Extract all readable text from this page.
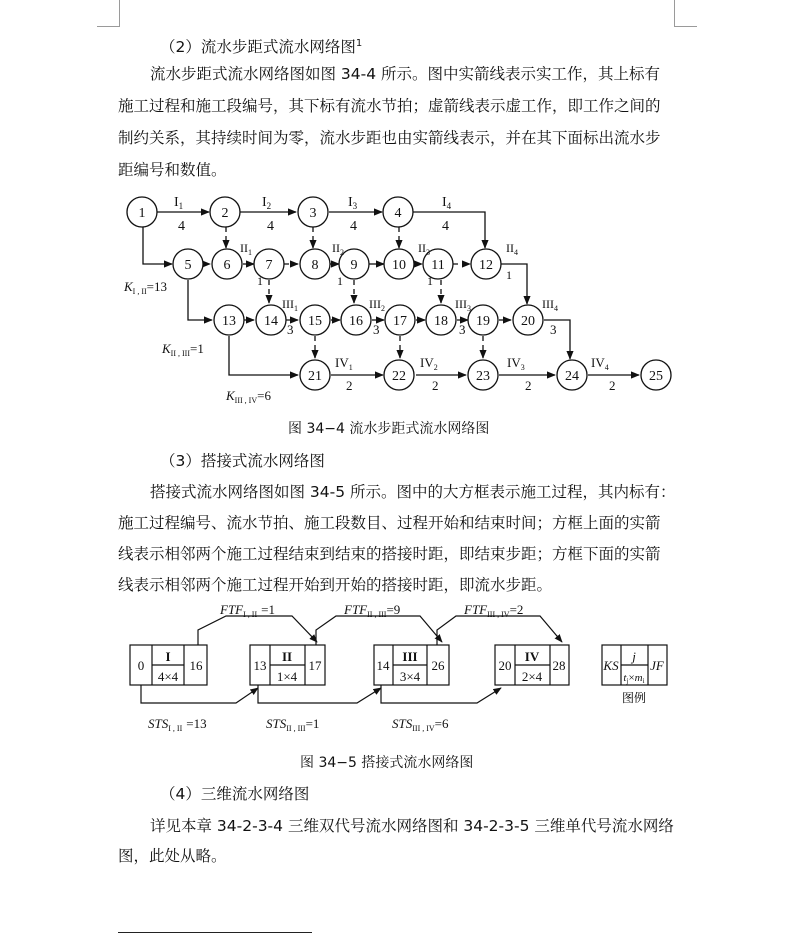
（2）流水步距式流水网络图$^1$
流水步距式流水网络图如图 34-4 所示。图中实箭线表示实工作，其上标有
施工过程和施工段编号，其下标有流水节拍；虚箭线表示虚工作，即工作之间的
制约关系，其持续时间为零，流水步距也由实箭线表示，并在其下面标出流水步
距编号和数值。
1	2	3	4
5 6	7	8 9 10 11 12
13 14 15 16 17 18 19 20
21	22	23	24	25
$I_1$
4
$I_2$
4
$I_3$
4
$I_4$
4
$II_1$
1
$II_2$
1
$II_3$
1
$II_4$
1
$III_1$
3
$III_2$
3
$III_3$
3
$III_4$
3
$IV_1$
2
$IV_2$
2
$IV_3$
2
$IV_4$
2
$K_{I , II}=13$
$K_{II , III}=1$
$K_{III , IV}=6$
图 34−4 流水步距式流水网络图
（3）搭接式流水网络图
搭接式流水网络图如图 34-5 所示。图中的大方框表示施工过程，其内标有：
施工过程编号、流水节拍、施工段数目、过程开始和结束时间；方框上面的实箭
线表示相邻两个施工过程结束到结束的搭接时距，即结束步距；方框下面的实箭
线表示相邻两个施工过程开始到开始的搭接时距，即流水步距。
0
I
4×4
16	13
II
1×4
17	14
III
3×4
26	20
IV
2×4
28	KS
j
tj×mi
JF
$FTF_{I , II} =1$	$FTF_{II , III}=9$	$FTF_{III , IV}=2$
$STS_{I , II} =13$	$STS_{II , III}=1$	$STS_{III , IV}=6$
图例
图 34−5 搭接式流水网络图
（4）三维流水网络图
详见本章 34-2-3-4 三维双代号流水网络图和 34-2-3-5 三维单代号流水网络
图，此处从略。
